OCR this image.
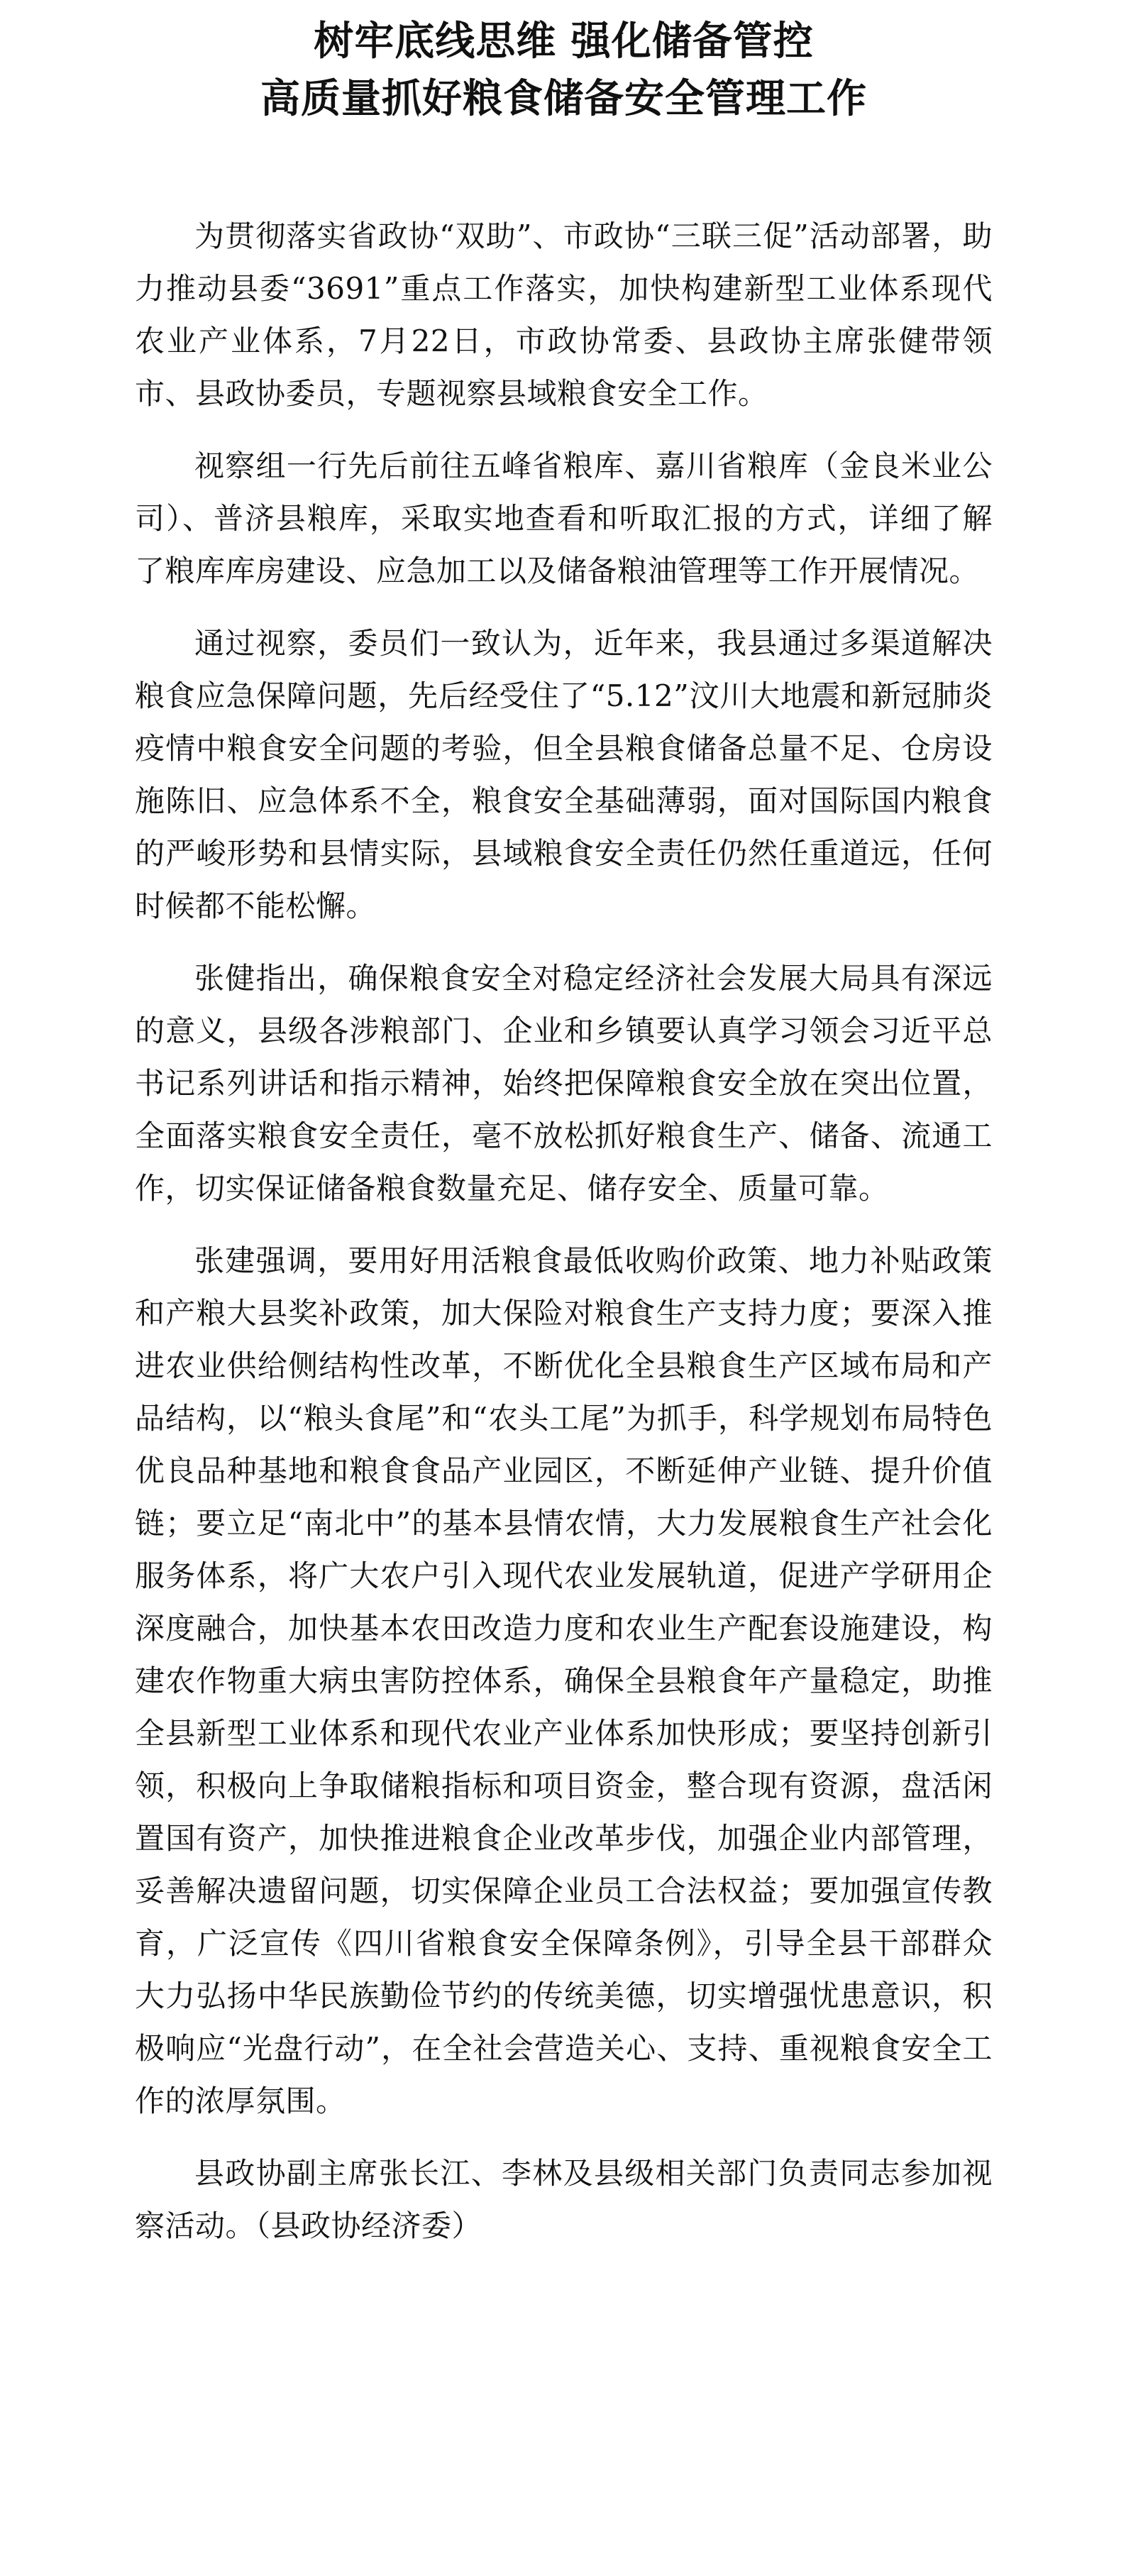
树牢底线思维 强化储备管控
高质量抓好粮食储备安全管理工作

为贯彻落实省政协“双助”、市政协“三联三促”活动部署，助力推动县委“3691”重点工作落实，加快构建新型工业体系现代农业产业体系，7月22日，市政协常委、县政协主席张健带领市、县政协委员，专题视察县域粮食安全工作。

视察组一行先后前往五峰省粮库、嘉川省粮库（金良米业公司）、普济县粮库，采取实地查看和听取汇报的方式，详细了解了粮库库房建设、应急加工以及储备粮油管理等工作开展情况。

通过视察，委员们一致认为，近年来，我县通过多渠道解决粮食应急保障问题，先后经受住了“5.12”汶川大地震和新冠肺炎疫情中粮食安全问题的考验，但全县粮食储备总量不足、仓房设施陈旧、应急体系不全，粮食安全基础薄弱，面对国际国内粮食的严峻形势和县情实际，县域粮食安全责任仍然任重道远，任何时候都不能松懈。

张健指出，确保粮食安全对稳定经济社会发展大局具有深远的意义，县级各涉粮部门、企业和乡镇要认真学习领会习近平总书记系列讲话和指示精神，始终把保障粮食安全放在突出位置，全面落实粮食安全责任，毫不放松抓好粮食生产、储备、流通工作，切实保证储备粮食数量充足、储存安全、质量可靠。

张建强调，要用好用活粮食最低收购价政策、地力补贴政策和产粮大县奖补政策，加大保险对粮食生产支持力度；要深入推进农业供给侧结构性改革，不断优化全县粮食生产区域布局和产品结构，以“粮头食尾”和“农头工尾”为抓手，科学规划布局特色优良品种基地和粮食食品产业园区，不断延伸产业链、提升价值链；要立足“南北中”的基本县情农情，大力发展粮食生产社会化服务体系，将广大农户引入现代农业发展轨道，促进产学研用企深度融合，加快基本农田改造力度和农业生产配套设施建设，构建农作物重大病虫害防控体系，确保全县粮食年产量稳定，助推全县新型工业体系和现代农业产业体系加快形成；要坚持创新引领，积极向上争取储粮指标和项目资金，整合现有资源，盘活闲置国有资产，加快推进粮食企业改革步伐，加强企业内部管理，妥善解决遗留问题，切实保障企业员工合法权益；要加强宣传教育，广泛宣传《四川省粮食安全保障条例》，引导全县干部群众大力弘扬中华民族勤俭节约的传统美德，切实增强忧患意识，积极响应“光盘行动”，在全社会营造关心、支持、重视粮食安全工作的浓厚氛围。

县政协副主席张长江、李林及县级相关部门负责同志参加视察活动。（县政协经济委）
